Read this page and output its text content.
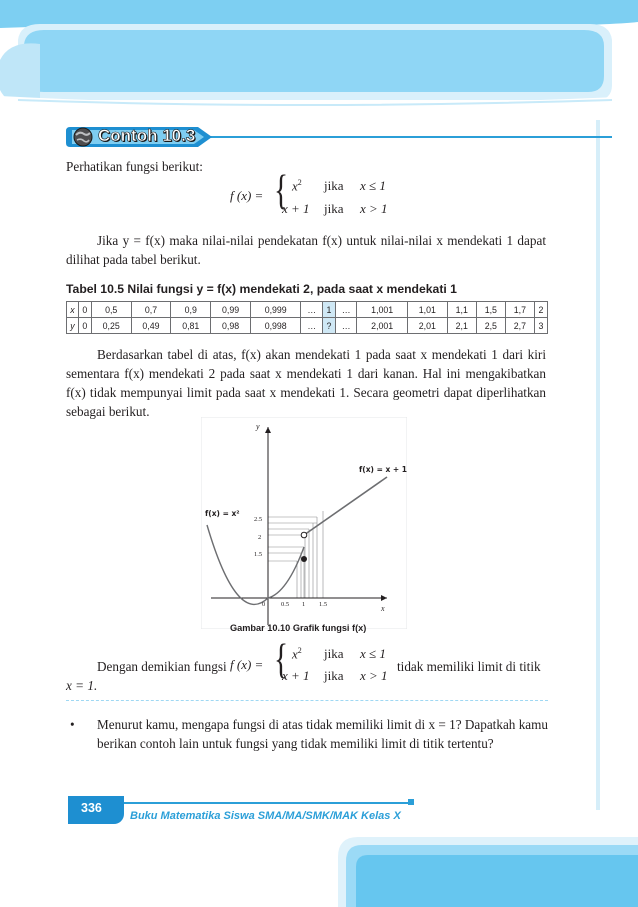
Contoh 10.3
Perhatikan fungsi berikut:
f (x) = { $x^2$ jika x ≤ 1
x + 1 jika x > 1
Jika y = f(x) maka nilai-nilai pendekatan f(x) untuk nilai-nilai x mendekati 1 dapat dilihat pada tabel berikut.
Tabel 10.5 Nilai fungsi y = f(x) mendekati 2, pada saat x mendekati 1
x	0	0,5	0,7	0,9	0,99	0,999	…	1	…	1,001	1,01	1,1	1,5	1,7	2
y	0	0,25	0,49	0,81	0,98	0,998	…	?	…	2,001	2,01	2,1	2,5	2,7	3
Berdasarkan tabel di atas, f(x) akan mendekati 1 pada saat x mendekati 1 dari kiri sementara f(x) mendekati 2 pada saat x mendekati 1 dari kanan. Hal ini mengakibatkan f(x) tidak mempunyai limit pada saat x mendekati 1. Secara geometri dapat diperlihatkan sebagai berikut.
y
x
0 0.5 1 1.5
2.5
2
1.5
f(x) = x²
f(x) = x + 1
Gambar 10.10 Grafik fungsi f(x)
Dengan demikian fungsi f (x) = { $x^2$ jika x ≤ 1
x + 1 jika x > 1
tidak memiliki limit di titik
x = 1.
• Menurut kamu, mengapa fungsi di atas tidak memiliki limit di x = 1? Dapatkah kamu berikan contoh lain untuk fungsi yang tidak memiliki limit di titik tertentu?
336
Buku Matematika Siswa SMA/MA/SMK/MAK Kelas X
